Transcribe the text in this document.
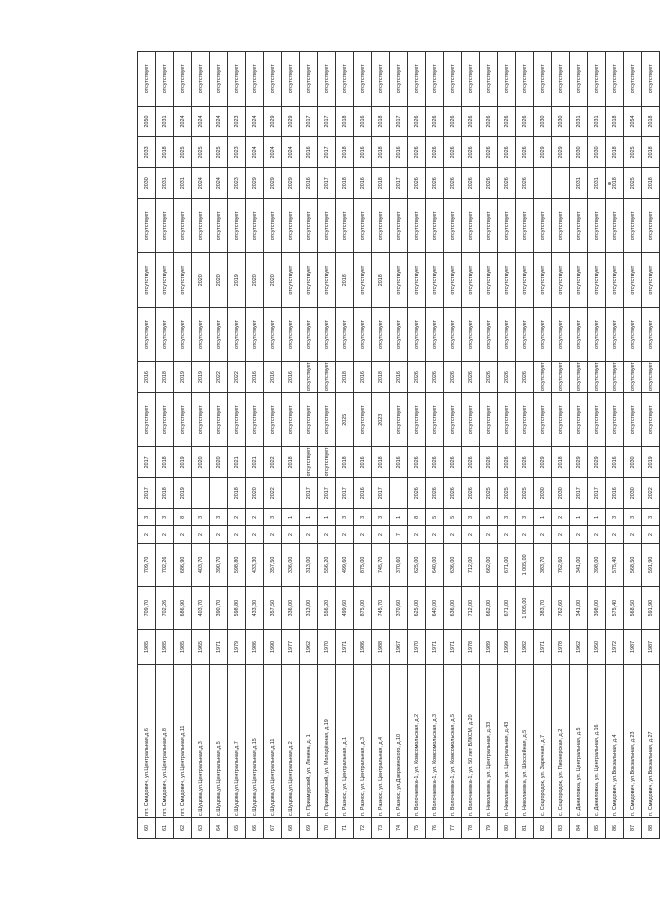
60	пгт. Смидович, ул.Центральная,д.6	1985	709,70	709,70	2	3	2017	2017	отсутствует	2016	отсутствует	отсутствует	отсутствует	2030	2033	2050	отсутствует
61	пгт. Смидович, ул.Центральная,д.8	1985	702,26	702,26	2	3	2018	2018	отсутствует	2018	отсутствует	отсутствует	отсутствует	2031	2018	2031	отсутствует
62	пгт. Смидович, ул.Центральная,д.11	1985	686,90	686,90	2	8	2019	2019	отсутствует	2019	отсутствует	отсутствует	отсутствует	2031	2025	2024	отсутствует
63	с.Шуцова,ул.Центральная,д.3	1965	403,70	403,70	2	3		2020	отсутствует	2019	отсутствует	2020	отсутствует	2024	2025	2024	отсутствует
64	с.Шуцова,ул.Центральная,д.5	1971	390,70	390,70	2	3		2020	отсутствует	2022	отсутствует	2020	отсутствует	2024	2025	2024	отсутствует
65	с.Шуцова,ул.Центральная,д.7	1979	598,80	598,80	2	2	2018	2021	отсутствует	2022	отсутствует	2019	отсутствует	2023	2023	2023	отсутствует
66	с.Шуцова,ул.Центральная,д.15	1986	433,30	433,30	2	2	2020	2021	отсутствует	2016	отсутствует	2020	отсутствует	2029	2024	2024	отсутствует
67	с.Шуцова,ул.Центральная,д.11	1990	357,50	357,50	2	3	2022	2022	отсутствует	2016	отсутствует	2020	отсутствует	2029	2024	2029	отсутствует
68	с.Шуцова,ул.Центральная,д.2	1977	336,00	336,00	2	1		2018	отсутствует	2016	отсутствует	отсутствует	отсутствует	2029	2024	2029	отсутствует
69	п. Приамурский, ул. Ленина, д. 1	1962	313,00	313,00	2	1	2017	отсутствует	отсутствует	отсутствует	отсутствует	отсутствует	отсутствует	2016	2016	2017	отсутствует
70	п. Приамурский, ул. Молодёжная, д.19	1970	556,20	556,20	2	1	2017	отсутствует	отсутствует	отсутствует	отсутствует	отсутствует	отсутствует	2017	2017	2017	отсутствует
71	п. Разнос, ул. Центральная, д.1	1971	499,60	499,60	2	3	2017	2018	2025	2018	отсутствует	2018	отсутствует	2018	2018	2018	отсутствует
72	п. Разнос, ул. Центральная, д.3	1986	875,00	875,00	2	3	2016	2016	отсутствует	2016	отсутствует	отсутствует	отсутствует	2016	2016	2016	отсутствует
73	п. Разнос, ул. Центральная, д.4	1988	745,70	745,70	2	3	2017	2018	2023	2018	отсутствует	2018	отсутствует	2018	2018	2018	отсутствует
74	п. Разнос, ул.Дзержинского, д.10	1967	370,60	370,60	7	1		2016	отсутствует	2016	отсутствует	отсутствует	отсутствует	2017	2016	2017	отсутствует
75	п. Волочаевка-1, ул. Комсомольская, д.2	1970	625,00	625,00	2	8	2026	2026	отсутствует	2026	отсутствует	отсутствует	отсутствует	2026	2026	2026	отсутствует
76	п. Волочаевка-1, ул. Комсомольская, д.3	1971	640,00	640,00	2	5	2026	2026	отсутствует	2026	отсутствует	отсутствует	отсутствует	2026	2026	2026	отсутствует
77	п. Волочаевка-1, ул. Комсомольская, д.5	1971	636,00	636,00	2	5	2026	2026	отсутствует	2026	отсутствует	отсутствует	отсутствует	2026	2026	2026	отсутствует
78	п. Волочаевка-1, ул. 50 лет ВЛКСМ, д.20	1978	712,00	712,00	2	3	2026	2026	отсутствует	2026	отсутствует	отсутствует	отсутствует	2026	2026	2026	отсутствует
79	п. Николаевка, ул. Центральная, д.33	1989	662,00	662,00	2	5	2025	2026	отсутствует	2026	отсутствует	отсутствует	отсутствует	2026	2026	2026	отсутствует
80	п. Николаевка, ул. Центральная, д.43	1999	671,00	671,00	2	3	2025	2026	отсутствует	2026	отсутствует	отсутствует	отсутствует	2026	2026	2026	отсутствует
81	п. Николаевка, ул. Шоссейная, д.5	1982	1 005,00	1 005,00	2	3	2025	2026	отсутствует	2026	отсутствует	отсутствует	отсутствует	2026	2026	2026	отсутствует
82	с. Соцгородок, ул. Заречная, д.7	1971	383,70	383,70	2	1	2030	2029	отсутствует	отсутствует	отсутствует	отсутствует	отсутствует		2029	2030	отсутствует
83	с. Соцгородок, ул. Пионерская, д.2	1978	762,60	762,60	2	2	2030	2018	отсутствует	отсутствует	отсутствует	отсутствует	отсутствует		2029	2030	отсутствует
84	с. Даниловка, ул. Центральная, д.5	1962	341,00	341,00	2	1	2017	2029	отсутствует	отсутствует	отсутствует	отсутствует	отсутствует	2031	2030	2031	отсутствует
85	с. Даниловка, ул. Центральная, д.16	1950	398,00	398,00	2	1	2017	2029	отсутствует	отсутствует	отсутствует	отсутствует	отсутствует	2031	2030	2031	отсутствует
86	п. Смидович, ул.Вокзальная, д.4	1972	575,40	575,40	2	3	2016	2016	отсутствует	отсутствует	отсутствует	отсутствует	отсутствует	2018	2018	2018	отсутствует
87	п. Смидович, ул.Вокзальная, д.23	1987	568,50	568,50	2	3	2030	2030	отсутствует	отсутствует	отсутствует	отсутствует	отсутствует	2025	2025	2054	отсутствует
88	п. Смидович, ул.Вокзальная, д.27	1987	591,90	591,90	2	3	2022	2019	отсутствует	отсутствует	отсутствует	отсутствует	отсутствует	2018	2018	2018	отсутствует
